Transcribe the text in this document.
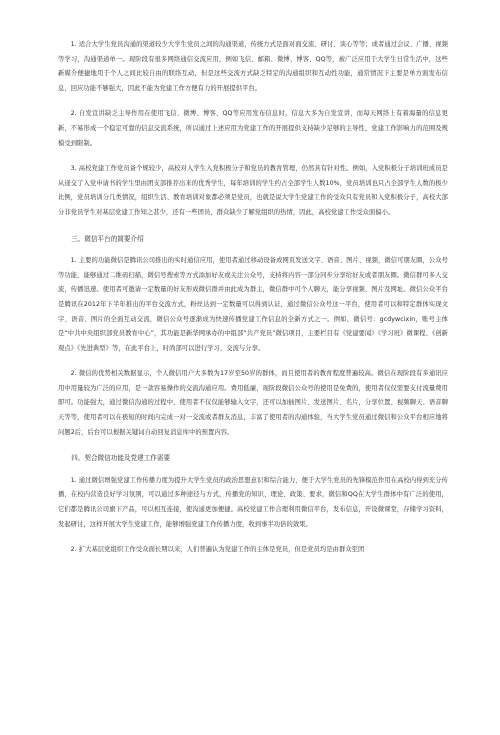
1. 适合大学生党员沟通的渠道较少大学生党员之间的沟通渠道，传统方式是面对面交流、研讨、谈心等等；或者通过会议、广播、视频等学习，沟通渠道单一。现阶段有很多网络通信交流应用，例如飞信、邮箱、微博、博客、QQ等，被广泛应用于大学生日常生活中，这些新媒介便捷地用于个人之间比较自由的联络互动，但是这些交流方式缺乏特定的沟通组织和互动性功能，通常情况下主要是单方面发布信息，回应功能不够强大，因此不能为党建工作方便有力的开展提供平台。

2. 自发宣讲缺乏主导作用在使用飞信、微博、博客、QQ等应用发布信息时，信息大多为自发宣讲，而每天网络上有着海量的信息更新，不易形成一个稳定可靠的信息交流系统，所以通过上述应用为党建工作的开展提供支持缺少足够的主导性，党建工作影响力的范围及规模受到限制。

3. 高校党建工作党员备个规较少，高校对入学生入党积极分子和党员的教育管理，仍然具有针对性。例如，入党积极分子培训班成员是从递交了入党申请书的学生里由团支部推荐出来的优秀学生，每年培训的学生约占全部学生人数10%，党员培训也只占全部学生人数的极少比例，党员培训分几类情况，组织生活、教育培训对象都必须是党员，也就是说大学生党建工作的受众只有党员和入党积极分子，高校大部分非党员学生对基层党建工作知之甚少，还有一些团员、群众缺少了解党组织的热情，因此，高校党建工作受众面偏小。

三、微信平台的简要介绍

1. 主要的功能微信是腾讯公司推出的实时通信应用，使用者通过移动设备或网页发送文字、语音、图片、视频，微信可朋友圈，公众号等功能，能够通过二维码扫描，微信号搜索等方式添加好友或关注公众号，支持将内容一部分同步分享给好友或者朋友圈。微信群可多人交流，传播迅速。使用者可邀请一定数量的好友形成微信群并由此成为群主，微信群中可个人聊天，能分享视频、图片及网址。微信公众平台是腾讯在2012年下半年推出的平台交流方式，粉丝达到一定数量可以得到认证，通过微信公众号这一平台，使用者可以和特定群体实现文字、语音、图片的全面互动交流，微信公众号逐渐成为快速传播党建工作信息的全新方式之一。例如，微信号：gcdywcixin，账号主体是“中共中央组织部党员教育中心”，其功能是新华网承办的中组部“共产党员”微信项目，主要栏目有《党建要闻》《学习班》微课程、《创新观点》《先进典型》等，在此平台上，时尚部可以进行学习、交流与分享。

2. 微信的优势相关数据显示，个人微信用户大多数为17岁至50岁的群体，而且使用者的教育程度普遍较高。微信在现阶段有多通讯应用中用量较为广泛的应用，是一款容易操作的交流沟通应用。费用低廉，现阶段微信公众号的使用是免费的，使用者仅仅需要支付流量费用即可。功能强大，通过微信沟通的过程中，使用者不仅仅能够输入文字，还可以加插图片、发送图片、名片，分享位置、视频聊天、语音聊天等等，使用者可以在极短的时间内完成一对一交流或者群友消息，丰富了使用者的沟通体验，当大学生党员通过微信和公众平台相应地将问题2后，后台可以根据关键词自动回复消息库中的预置内容。

四、契合微信功能及党建工作需要

1. 通过微信增强党建工作传播力度为提升大学生党员的政治思想意识和综合能力，便于大学生党员的先锋模范作用在高校内得到充分传播，在校内营造良好学习氛围，可以通过多种途径与方式，传播党的知识、理论、政策、要求，微信和QQ在大学生群体中有广泛的使用，它们都是腾讯公司旗下产品，可以相互连接，使沟通更加便捷。高校党建工作合理利用微信平台，发布信息，开设微课堂，存储学习资料，发起研讨，这样开展大学生党建工作，能够增强党建工作传播力度，收到事半功倍的效果。

2. 扩大基层党组织工作受众面长期以来，人们普遍认为党建工作的主体是党员，但是党员均是由群众至团
